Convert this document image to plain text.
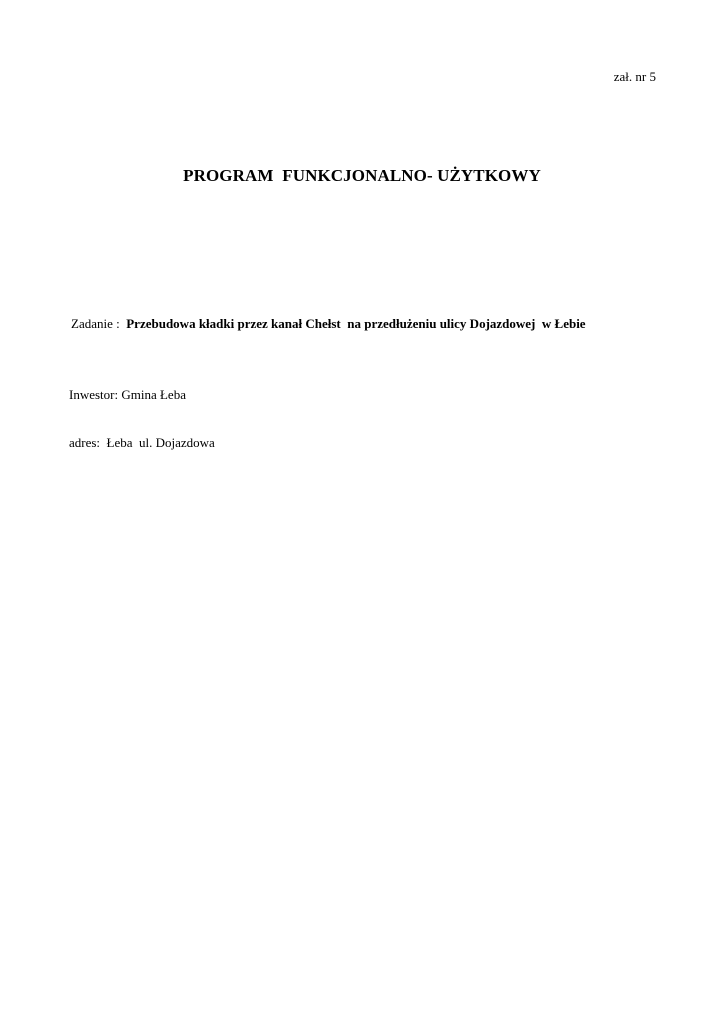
zał. nr 5
PROGRAM  FUNKCJONALNO- UŻYTKOWY
Zadanie :  Przebudowa kładki przez kanał Chełst  na przedłużeniu ulicy Dojazdowej  w Łebie
Inwestor: Gmina Łeba
adres:  Łeba  ul. Dojazdowa
